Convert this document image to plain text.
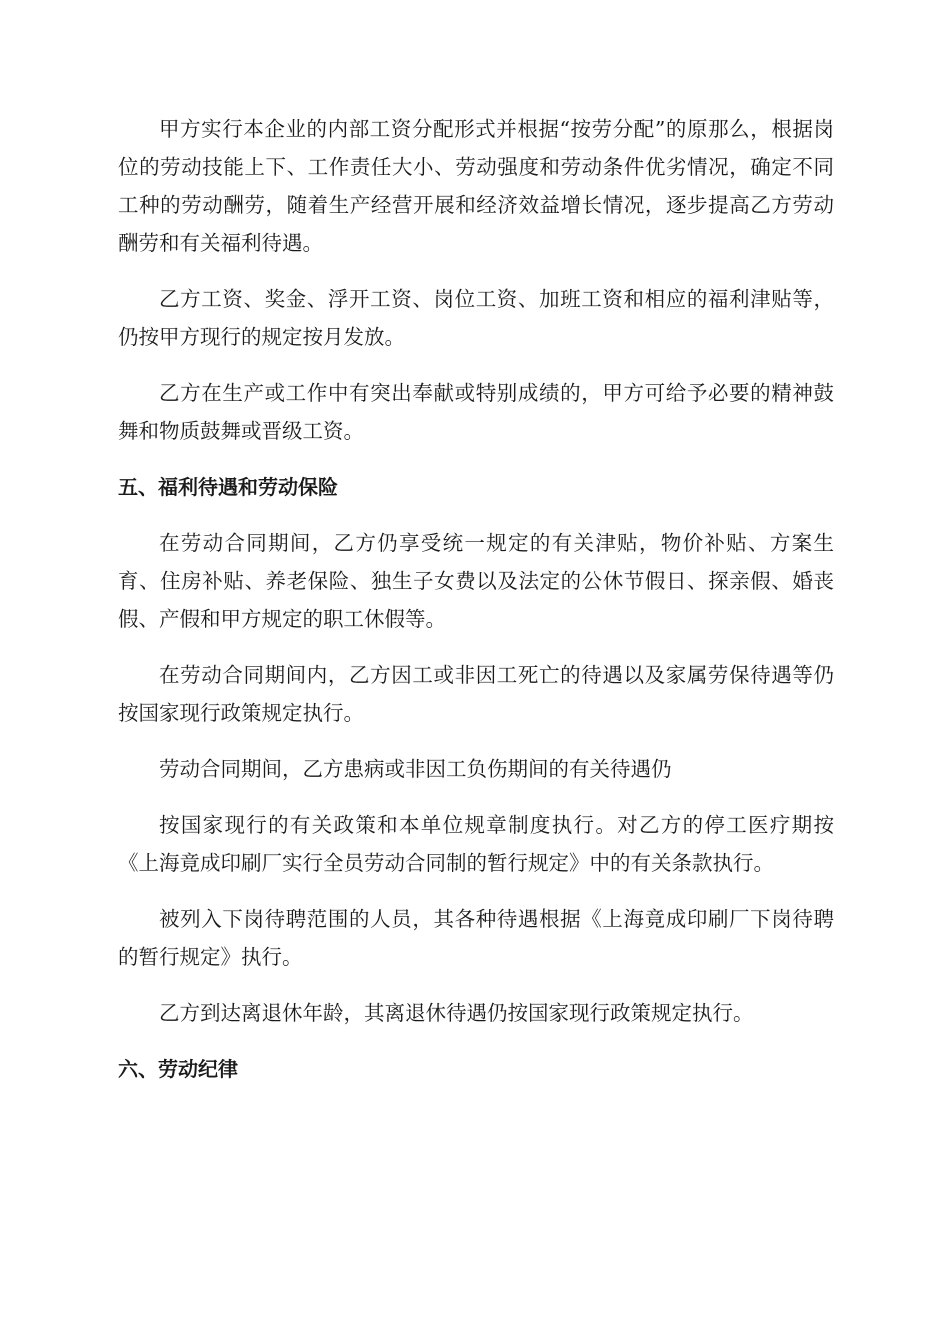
甲方实行本企业的内部工资分配形式并根据“按劳分配”的原那么，根据岗位的劳动技能上下、工作责任大小、劳动强度和劳动条件优劣情况，确定不同工种的劳动酬劳，随着生产经营开展和经济效益增长情况，逐步提高乙方劳动酬劳和有关福利待遇。

乙方工资、奖金、浮开工资、岗位工资、加班工资和相应的福利津贴等，仍按甲方现行的规定按月发放。

乙方在生产或工作中有突出奉献或特别成绩的，甲方可给予必要的精神鼓舞和物质鼓舞或晋级工资。

五、福利待遇和劳动保险

在劳动合同期间，乙方仍享受统一规定的有关津贴，物价补贴、方案生育、住房补贴、养老保险、独生子女费以及法定的公休节假日、探亲假、婚丧假、产假和甲方规定的职工休假等。

在劳动合同期间内，乙方因工或非因工死亡的待遇以及家属劳保待遇等仍按国家现行政策规定执行。

劳动合同期间，乙方患病或非因工负伤期间的有关待遇仍

按国家现行的有关政策和本单位规章制度执行。对乙方的停工医疗期按《上海竟成印刷厂实行全员劳动合同制的暂行规定》中的有关条款执行。

被列入下岗待聘范围的人员，其各种待遇根据《上海竟成印刷厂下岗待聘的暂行规定》执行。

乙方到达离退休年龄，其离退休待遇仍按国家现行政策规定执行。

六、劳动纪律
